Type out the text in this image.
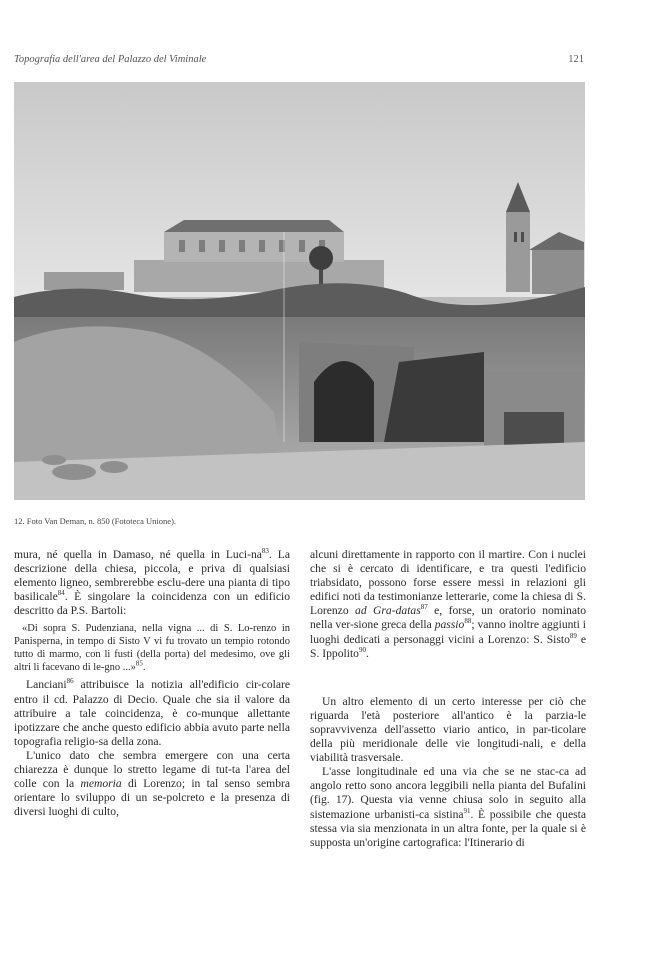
Topografia dell'area del Palazzo del Viminale	121
12. Foto Van Deman, n. 850 (Fototeca Unione).

mura, né quella in Damaso, né quella in Luci-$na^{83}$. La descrizione della chiesa, piccola, e priva di qualsiasi elemento ligneo, sembrerebbe esclu-dere una pianta di tipo basilicale$^{84}$. È singolare la coincidenza con un edificio descritto da P.S. Bartoli:

«Di sopra S. Pudenziana, nella vigna ... di S. Lo-renzo in Panisperna, in tempo di Sisto V vi fu trovato un tempio rotondo tutto di marmo, con li fusti (della porta) del medesimo, ove gli altri li facevano di le-gno ...»$^{85}$.

Lanciani$^{86}$ attribuisce la notizia all'edificio cir-colare entro il cd. Palazzo di Decio. Quale che sia il valore da attribuire a tale coincidenza, è co-munque allettante ipotizzare che anche questo edificio abbia avuto parte nella topografia religio-sa della zona.

L'unico dato che sembra emergere con una certa chiarezza è dunque lo stretto legame di tut-ta l'area del colle con la memoria di Lorenzo; in tal senso sembra orientare lo sviluppo di un se-polcreto e la presenza di diversi luoghi di culto,

alcuni direttamente in rapporto con il martire. Con i nuclei che si è cercato di identificare, e tra questi l'edificio triabsidato, possono forse essere messi in relazioni gli edifici noti da testimonianze letterarie, come la chiesa di S. Lorenzo ad Gra-datas$^{87}$ e, forse, un oratorio nominato nella ver-sione greca della passio$^{88}$; vanno inoltre aggiunti i luoghi dedicati a personaggi vicini a Lorenzo: S. Sisto$^{89}$ e S. Ippolito$^{90}$.

Un altro elemento di un certo interesse per ciò che riguarda l'età posteriore all'antico è la parzia-le sopravvivenza dell'assetto viario antico, in par-ticolare della più meridionale delle vie longitudi-nali, e della viabilità trasversale.

L'asse longitudinale ed una via che se ne stac-ca ad angolo retto sono ancora leggibili nella pianta del Bufalini (fig. 17). Questa via venne chiusa solo in seguito alla sistemazione urbanisti-ca sistina$^{91}$. È possibile che questa stessa via sia menzionata in un altra fonte, per la quale si è supposta un'origine cartografica: l'Itinerario di
